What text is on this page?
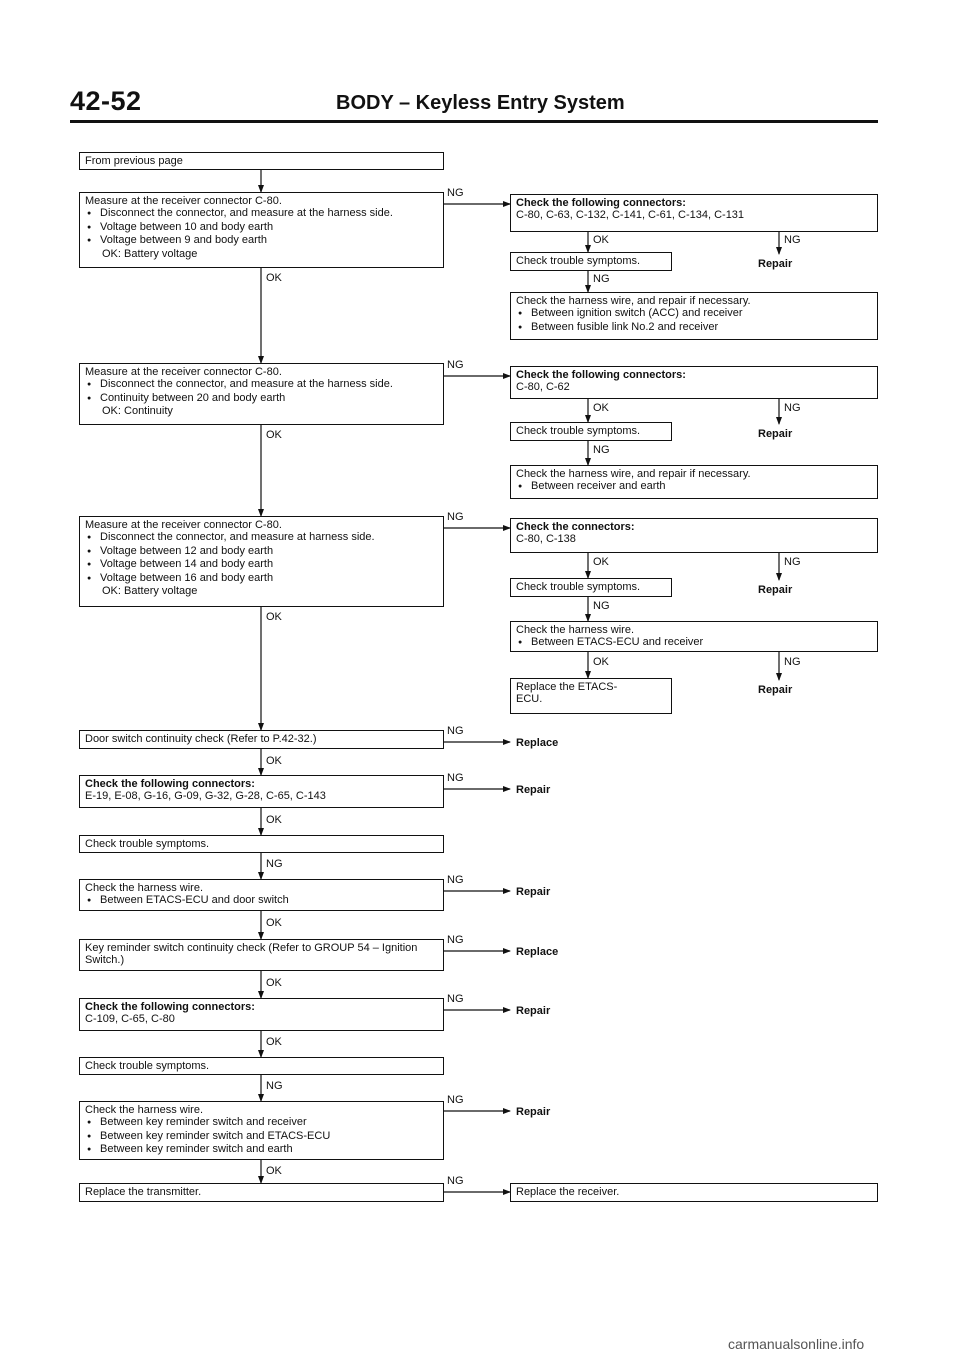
42-52	BODY – Keyless Entry System
From previous page
Measure at the receiver connector C-80.
● Disconnect the connector, and measure at the harness side.
● Voltage between 10 and body earth
● Voltage between 9 and body earth
OK: Battery voltage
Check the following connectors:
C-80, C-63, C-132, C-141, C-61, C-134, C-131
Check trouble symptoms.
Check the harness wire, and repair if necessary.
● Between ignition switch (ACC) and receiver
● Between fusible link No.2 and receiver
Measure at the receiver connector C-80.
● Disconnect the connector, and measure at the harness side.
● Continuity between 20 and body earth
OK: Continuity
Check the following connectors:
C-80, C-62
Check trouble symptoms.
Check the harness wire, and repair if necessary.
● Between receiver and earth
Measure at the receiver connector C-80.
● Disconnect the connector, and measure at harness side.
● Voltage between 12 and body earth
● Voltage between 14 and body earth
● Voltage between 16 and body earth
OK: Battery voltage
Check the connectors:
C-80, C-138
Check trouble symptoms.
Check the harness wire.
● Between ETACS-ECU and receiver
Replace the ETACS-
ECU.
Door switch continuity check (Refer to P.42-32.)
Check the following connectors:
E-19, E-08, G-16, G-09, G-32, G-28, C-65, C-143
Check trouble symptoms.
Check the harness wire.
● Between ETACS-ECU and door switch
Key reminder switch continuity check (Refer to GROUP 54 – Ignition
Switch.)
Check the following connectors:
C-109, C-65, C-80
Check trouble symptoms.
Check the harness wire.
● Between key reminder switch and receiver
● Between key reminder switch and ETACS-ECU
● Between key reminder switch and earth
Replace the transmitter.	Replace the receiver.
OK
OK
OK
OK
OK
NG
OK
OK
OK
NG
OK
NG
NG
NG
NG
NG
NG
NG
NG
NG
NG
OK	NG
NG
OK	NG
NG
OK	NG
NG
OK	NG
Repair
Repair
Repair
Repair
Replace
Repair
Repair
Replace
Repair
Repair
carmanualsonline.info
